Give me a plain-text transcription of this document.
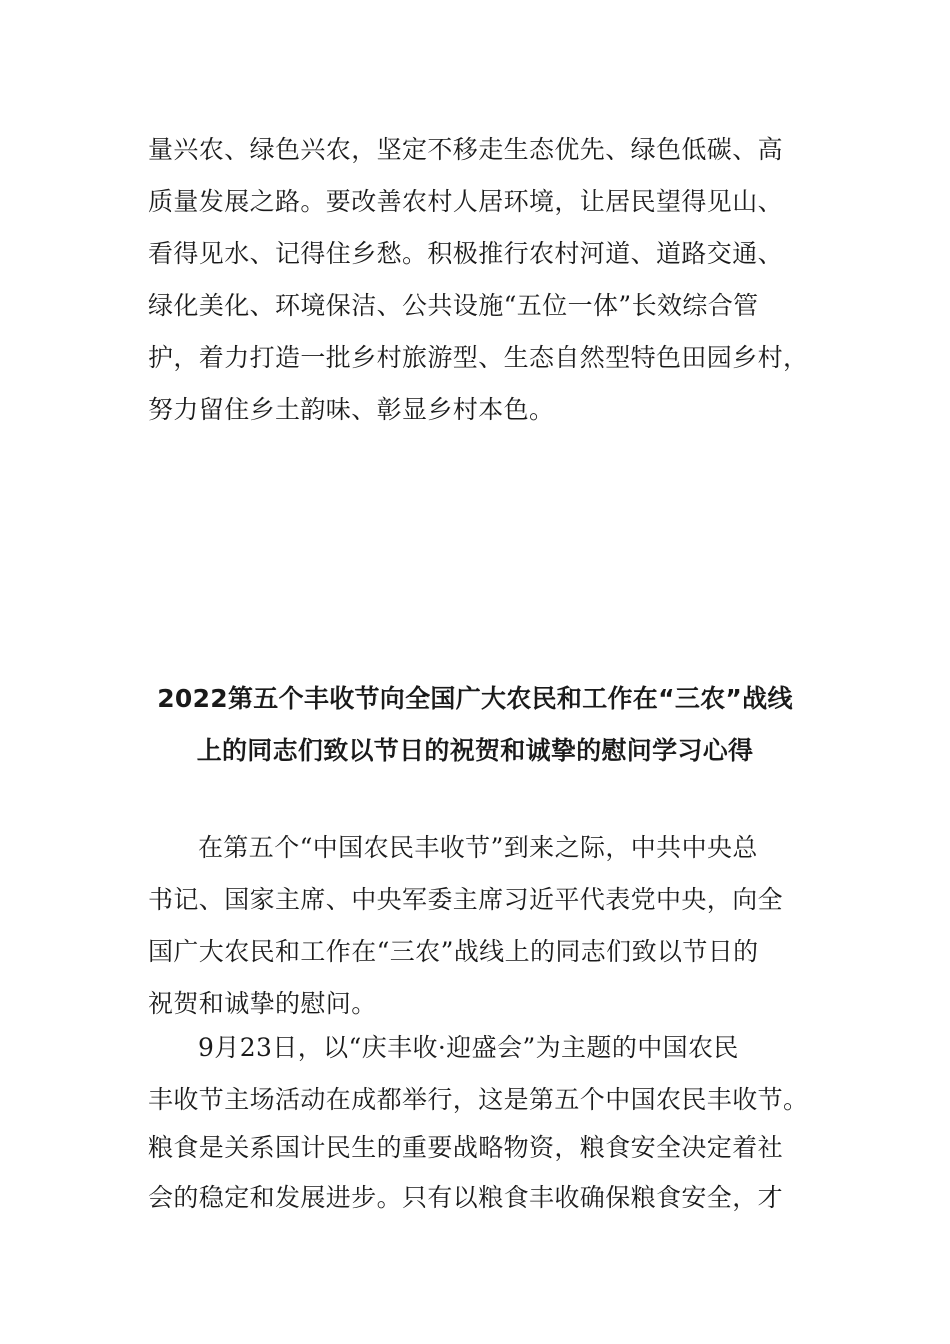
量兴农、绿色兴农，坚定不移走生态优先、绿色低碳、高
质量发展之路。要改善农村人居环境，让居民望得见山、
看得见水、记得住乡愁。积极推行农村河道、道路交通、
绿化美化、环境保洁、公共设施“五位一体”长效综合管
护，着力打造一批乡村旅游型、生态自然型特色田园乡村，
努力留住乡土韵味、彰显乡村本色。
2022第五个丰收节向全国广大农民和工作在“三农”战线
上的同志们致以节日的祝贺和诚挚的慰问学习心得
在第五个“中国农民丰收节”到来之际，中共中央总
书记、国家主席、中央军委主席习近平代表党中央，向全
国广大农民和工作在“三农”战线上的同志们致以节日的
祝贺和诚挚的慰问。
9月23日，以“庆丰收·迎盛会”为主题的中国农民
丰收节主场活动在成都举行，这是第五个中国农民丰收节。
粮食是关系国计民生的重要战略物资，粮食安全决定着社
会的稳定和发展进步。只有以粮食丰收确保粮食安全，才
